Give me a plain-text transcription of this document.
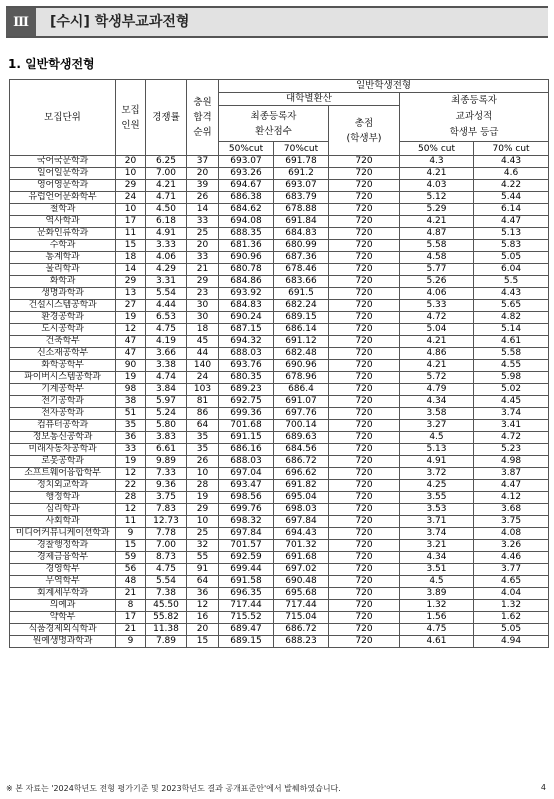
Ⅲ	[수시] 학생부교과전형
1. 일반학생전형
모집단위	모집
인원	경쟁률	충원
합격
순위	일반학생전형				
				대학별환산			최종등록자
교과성적
학생부 등급	
				최종등록자
환산점수		총점
(학생부)		
				50%cut	70%cut		50% cut	70% cut
국어국문학과	20	6.25	37	693.07	691.78	720	4.3	4.43
일어일문학과	10	7.00	20	693.26	691.2	720	4.21	4.6
영어영문학과	29	4.21	39	694.67	693.07	720	4.03	4.22
유럽언어문화학부	24	4.71	26	686.38	683.79	720	5.12	5.44
철학과	10	4.50	14	684.62	678.88	720	5.29	6.14
역사학과	17	6.18	33	694.08	691.84	720	4.21	4.47
문화인류학과	11	4.91	25	688.35	684.83	720	4.87	5.13
수학과	15	3.33	20	681.36	680.99	720	5.58	5.83
통계학과	18	4.06	33	690.96	687.36	720	4.58	5.05
물리학과	14	4.29	21	680.78	678.46	720	5.77	6.04
화학과	29	3.31	29	684.86	683.66	720	5.26	5.5
생명과학과	13	5.54	23	693.92	691.5	720	4.06	4.43
건설시스템공학과	27	4.44	30	684.83	682.24	720	5.33	5.65
환경공학과	19	6.53	30	690.24	689.15	720	4.72	4.82
도시공학과	12	4.75	18	687.15	686.14	720	5.04	5.14
건축학부	47	4.19	45	694.32	691.12	720	4.21	4.61
신소재공학부	47	3.66	44	688.03	682.48	720	4.86	5.58
화학공학부	90	3.38	140	693.76	690.96	720	4.21	4.55
파이버시스템공학과	19	4.74	24	680.35	678.96	720	5.72	5.98
기계공학부	98	3.84	103	689.23	686.4	720	4.79	5.02
전기공학과	38	5.97	81	692.75	691.07	720	4.34	4.45
전자공학과	51	5.24	86	699.36	697.76	720	3.58	3.74
컴퓨터공학과	35	5.80	64	701.68	700.14	720	3.27	3.41
정보통신공학과	36	3.83	35	691.15	689.63	720	4.5	4.72
미래자동차공학과	33	6.61	35	686.16	684.56	720	5.13	5.23
로봇공학과	19	9.89	26	688.03	686.72	720	4.91	4.98
소프트웨어융합학부	12	7.33	10	697.04	696.62	720	3.72	3.87
정치외교학과	22	9.36	28	693.47	691.82	720	4.25	4.47
행정학과	28	3.75	19	698.56	695.04	720	3.55	4.12
심리학과	12	7.83	29	699.76	698.03	720	3.53	3.68
사회학과	11	12.73	10	698.32	697.84	720	3.71	3.75
미디어커뮤니케이션학과	9	7.78	25	697.84	694.43	720	3.74	4.08
경찰행정학과	15	7.00	32	701.57	701.32	720	3.21	3.26
경제금융학부	59	8.73	55	692.59	691.68	720	4.34	4.46
경영학부	56	4.75	91	699.44	697.02	720	3.51	3.77
무역학부	48	5.54	64	691.58	690.48	720	4.5	4.65
회계세무학과	21	7.38	36	696.35	695.68	720	3.89	4.04
의예과	8	45.50	12	717.44	717.44	720	1.32	1.32
약학부	17	55.82	16	715.52	715.04	720	1.56	1.62
식품경제외식학과	21	11.38	20	689.47	686.72	720	4.75	5.05
원예생명과학과	9	7.89	15	689.15	688.23	720	4.61	4.94
※ 본 자료는 '2024학년도 전형 평가기준 및 2023학년도 결과 공개표준안'에서 발췌하였습니다.	4
